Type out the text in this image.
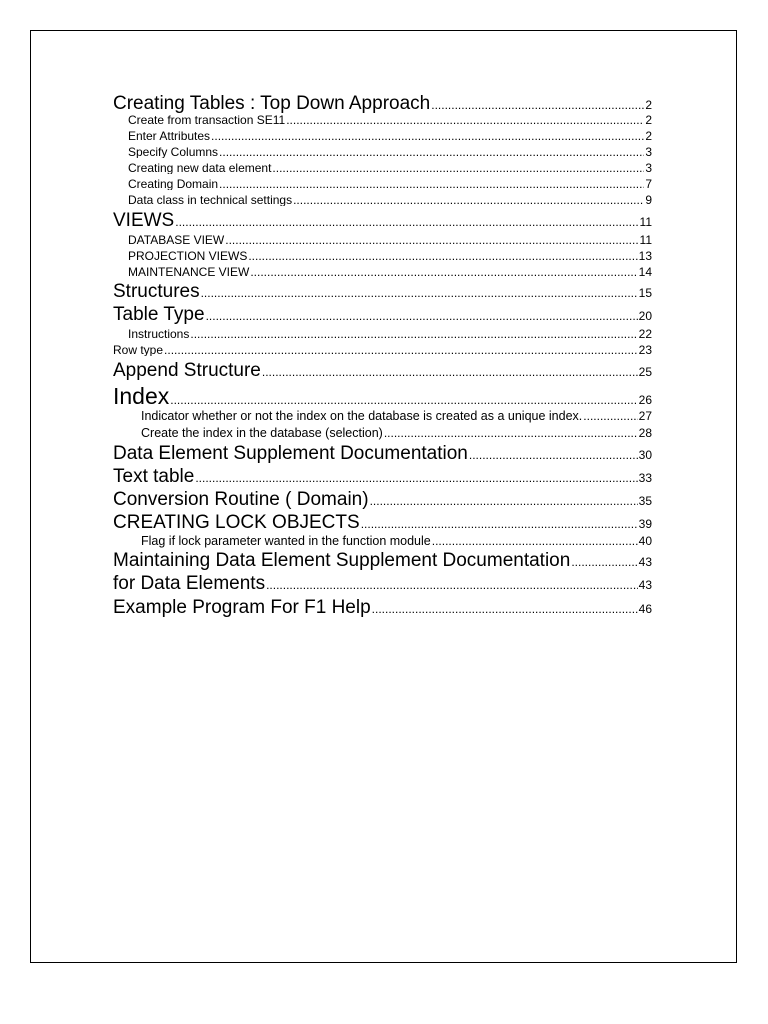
Creating Tables : Top Down Approach .....	2
Create from transaction SE11 .....	2
Enter Attributes .....	2
Specify Columns .....	3
Creating new data element .....	3
Creating Domain .....	7
Data class in technical settings .....	9
VIEWS .....	11
DATABASE VIEW .....	11
PROJECTION VIEWS .....	13
MAINTENANCE VIEW .....	14
Structures .....	15
Table Type .....	20
Instructions .....	22
Row type .....	23
Append Structure .....	25
Index .....	26
Indicator whether or not the index on the database is created as a unique index. .....	27
Create the index in the database (selection) .....	28
Data Element Supplement Documentation .....	30
Text table .....	33
Conversion Routine ( Domain) .....	35
CREATING LOCK OBJECTS .....	39
Flag if lock parameter wanted in the function module .....	40
Maintaining Data Element Supplement Documentation .....	43
for Data Elements .....	43
Example Program For F1 Help .....	46
